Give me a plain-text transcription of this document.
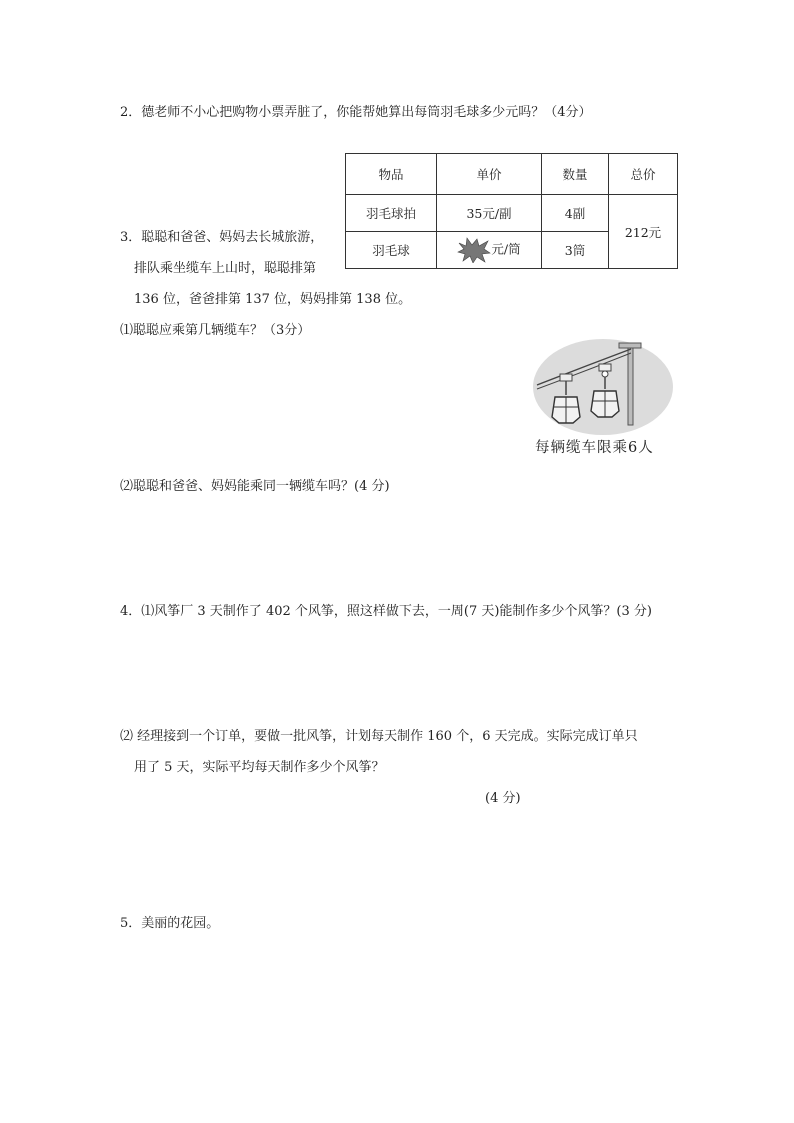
2．德老师不小心把购物小票弄脏了，你能帮她算出每筒羽毛球多少元吗？（4分）
物品	单价	数量	总价
羽毛球拍	35元/副	4副	212元
羽毛球	元/筒	3筒	
3．聪聪和爸爸、妈妈去长城旅游，
排队乘坐缆车上山时，聪聪排第
136 位，爸爸排第 137 位，妈妈排第 138 位。
⑴聪聪应乘第几辆缆车？（3分）
每辆缆车限乘6人
⑵聪聪和爸爸、妈妈能乘同一辆缆车吗？(4 分)
4．⑴风筝厂 3 天制作了 402 个风筝，照这样做下去，一周(7 天)能制作多少个风筝？(3 分)
⑵ 经理接到一个订单，要做一批风筝，计划每天制作 160 个，6 天完成。实际完成订单只
用了 5 天，实际平均每天制作多少个风筝？
(4 分)
5．美丽的花园。
